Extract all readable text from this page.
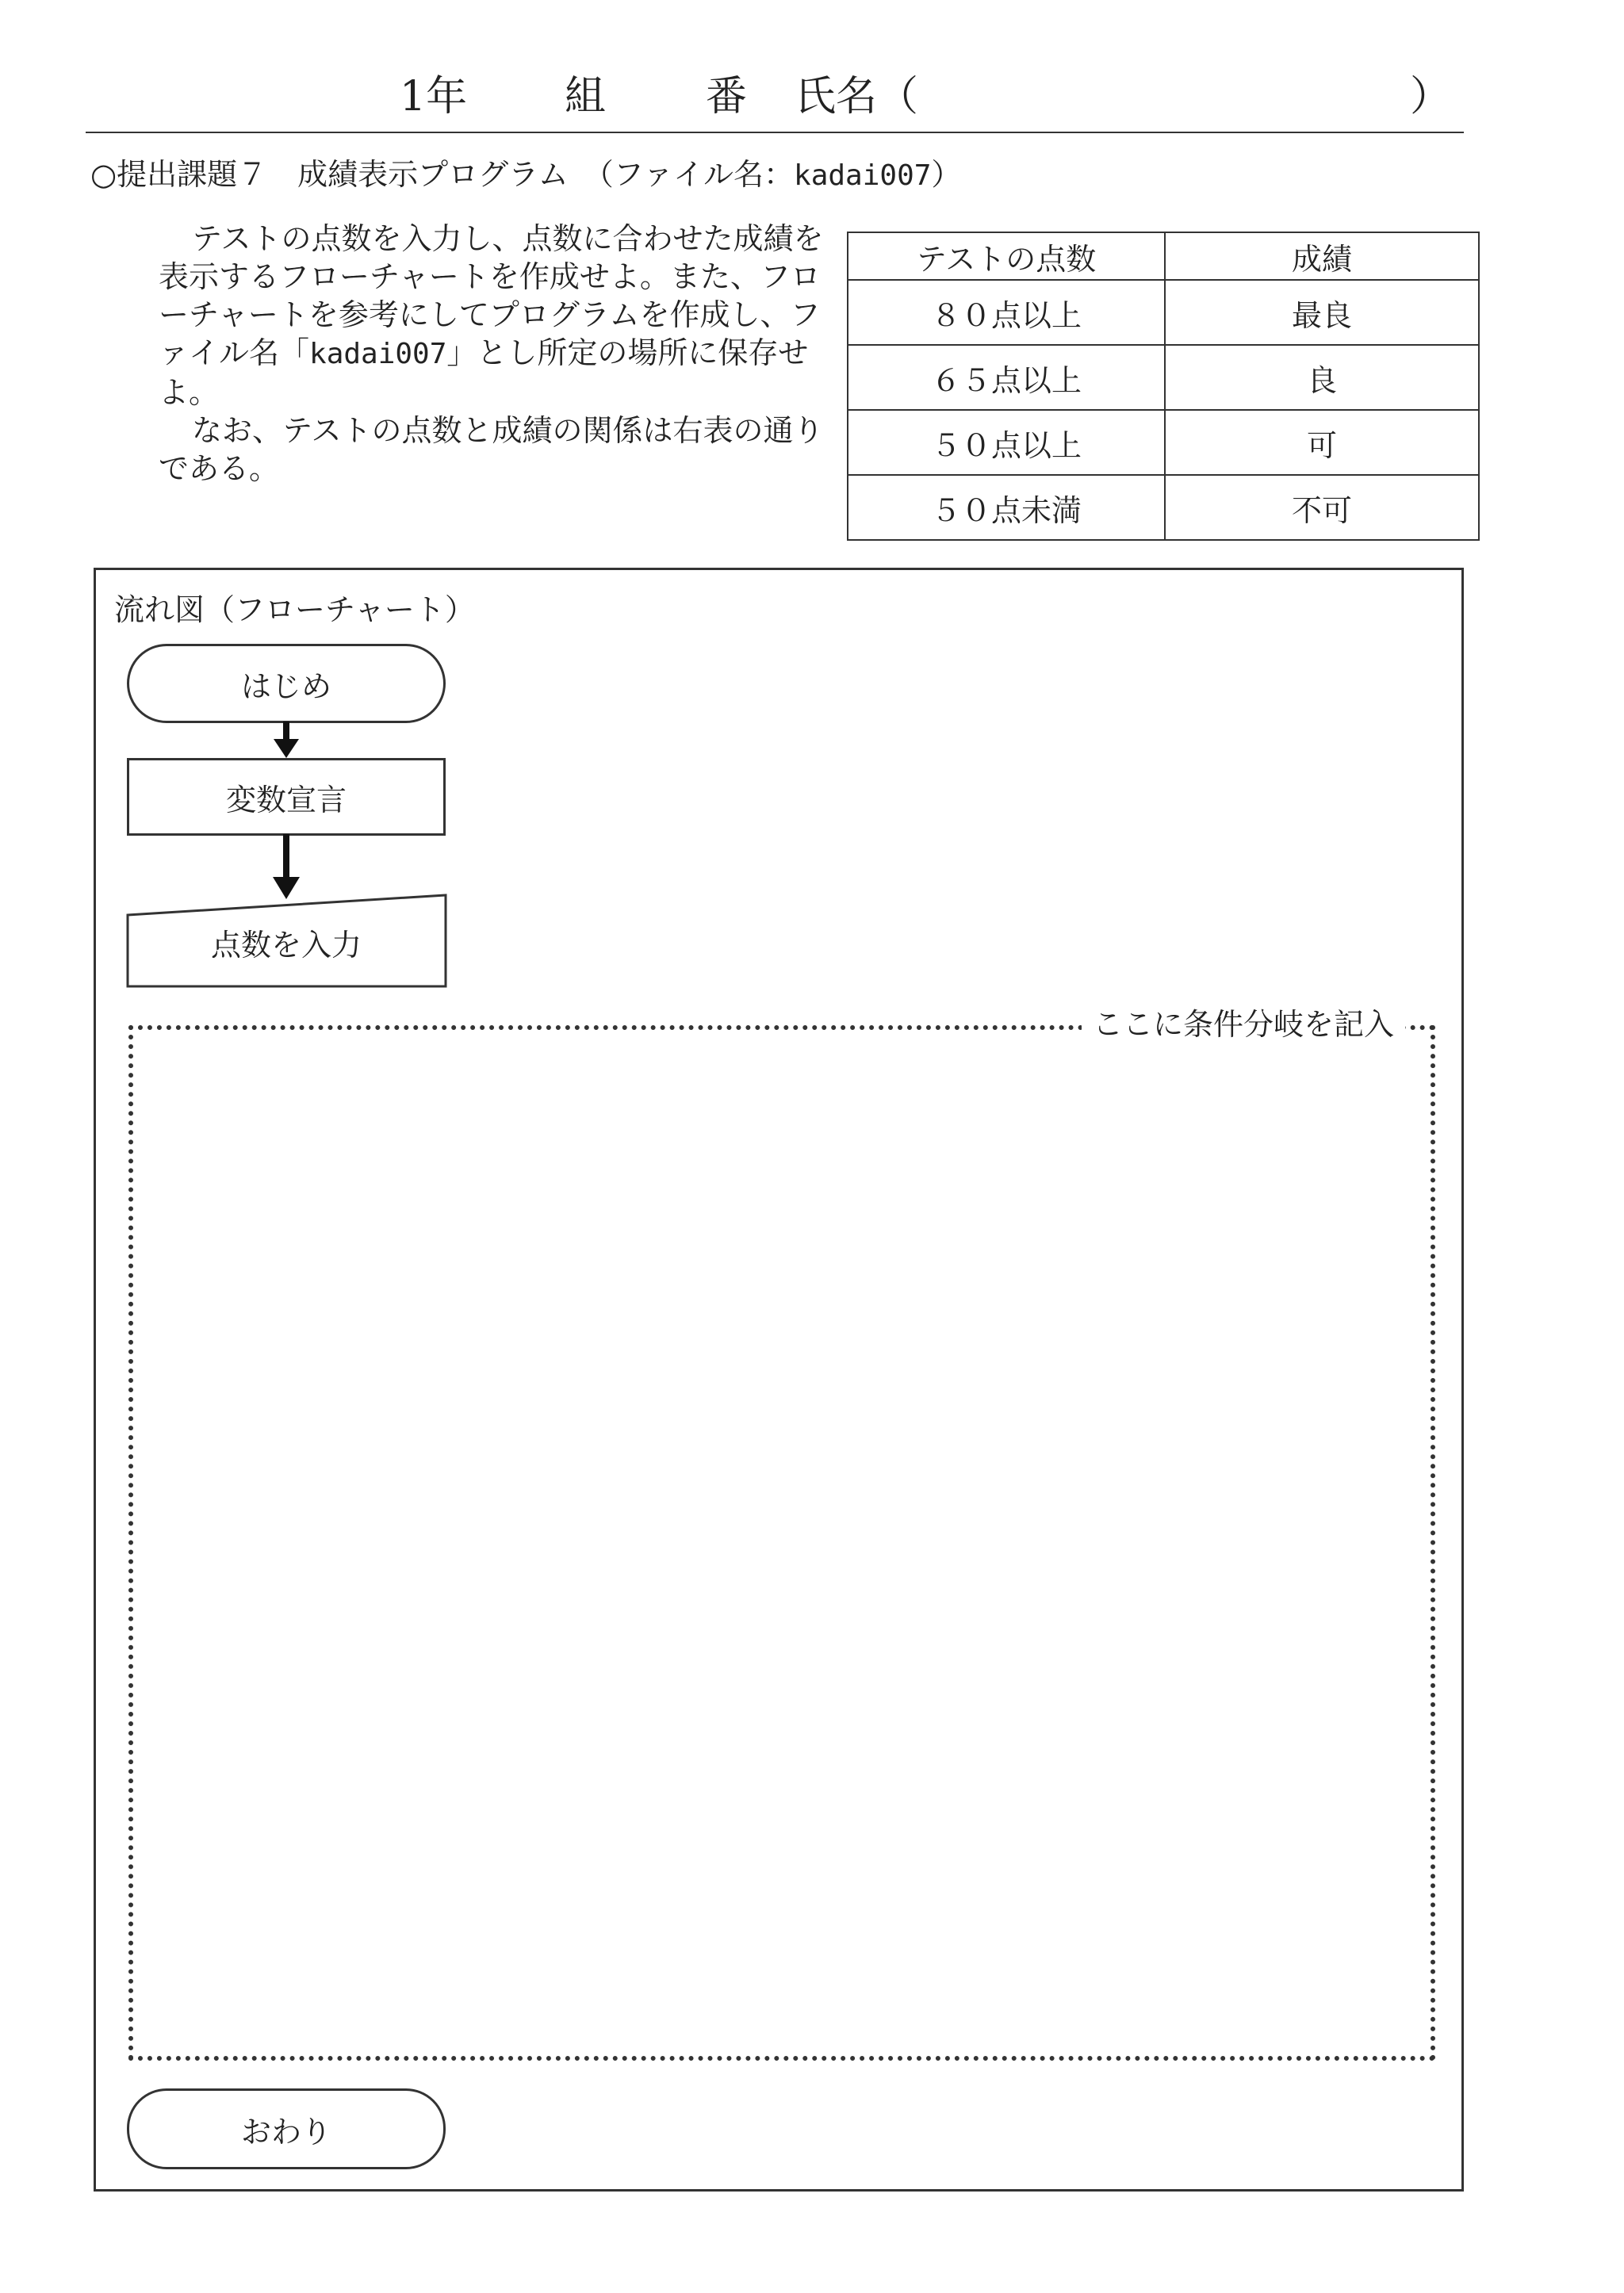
1年 組 番 氏名（	）
○提出課題７　成績表示プログラム　（ファイル名：kadai007）

テストの点数を入力し、点数に合わせた成績を表示するフローチャートを作成せよ。また、フローチャートを参考にしてプログラムを作成し、ファイル名「kadai007」とし所定の場所に保存せよ。

なお、テストの点数と成績の関係は右表の通りである。

テストの点数	成績
８０点以上	最良
６５点以上	良
５０点以上	可
５０点未満	不可
流れ図（フローチャート）
はじめ
変数宣言
点数を入力
ここに条件分岐を記入
おわり
